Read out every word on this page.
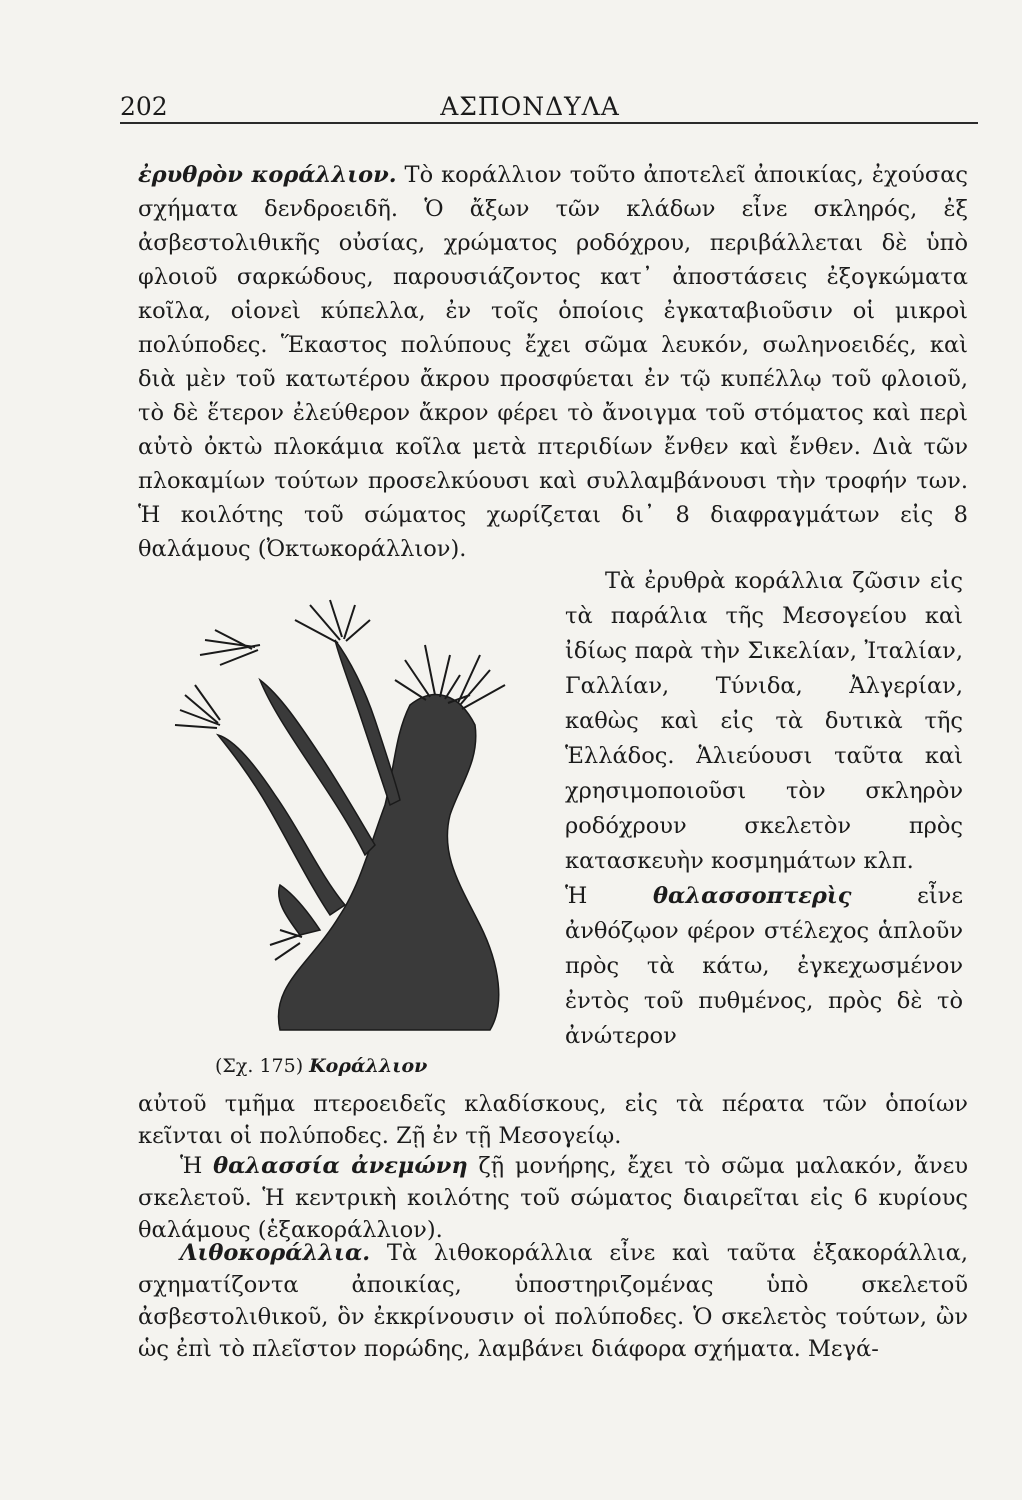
202	ΑΣΠΟΝΔΥΛΑ

ἐρυθρὸν κοράλλιον. Τὸ κοράλλιον τοῦτο ἀποτελεῖ ἀποικίας, ἐχούσας σχήματα δενδροειδῆ. Ὁ ἄξων τῶν κλάδων εἶνε σκληρός, ἐξ ἀσβεστολιθικῆς οὐσίας, χρώματος ροδόχρου, περιβάλλεται δὲ ὑπὸ φλοιοῦ σαρκώδους, παρουσιάζοντος κατ᾽ ἀποστάσεις ἐξογκώματα κοῖλα, οἱονεὶ κύπελλα, ἐν τοῖς ὁποίοις ἐγκαταβιοῦσιν οἱ μικροὶ πολύποδες. Ἕκαστος πολύπους ἔχει σῶμα λευκόν, σωληνοειδές, καὶ διὰ μὲν τοῦ κατωτέρου ἄκρου προσφύεται ἐν τῷ κυπέλλῳ τοῦ φλοιοῦ, τὸ δὲ ἕτερον ἐλεύθερον ἄκρον φέρει τὸ ἄνοιγμα τοῦ στόματος καὶ περὶ αὐτὸ ὀκτὼ πλοκάμια κοῖλα μετὰ πτεριδίων ἔνθεν καὶ ἔνθεν. Διὰ τῶν πλοκαμίων τούτων προσελκύουσι καὶ συλλαμβάνουσι τὴν τροφήν των. Ἡ κοιλότης τοῦ σώματος χωρίζεται δι᾽ 8 διαφραγμάτων εἰς 8 θαλάμους (Ὀκτωκοράλλιον).

Τὰ ἐρυθρὰ κοράλλια ζῶσιν εἰς τὰ παράλια τῆς Μεσογείου καὶ ἰδίως παρὰ τὴν Σικελίαν, Ἰταλίαν, Γαλλίαν, Τύνιδα, Ἀλγερίαν, καθὼς καὶ εἰς τὰ δυτικὰ τῆς Ἑλλάδος. Ἁλιεύουσι ταῦτα καὶ χρησιμοποιοῦσι τὸν σκληρὸν ροδόχρουν σκελετὸν πρὸς κατασκευὴν κοσμημάτων κλπ.
Ἡ θαλασσοπτερὶς εἶνε ἀνθόζῳον φέρον στέλεχος ἁπλοῦν πρὸς τὰ κάτω, ἐγκεχωσμένον ἐντὸς τοῦ πυθμένος, πρὸς δὲ τὸ ἀνώτερον

(Σχ. 175) Κοράλλιον

αὐτοῦ τμῆμα πτεροειδεῖς κλαδίσκους, εἰς τὰ πέρατα τῶν ὁποίων κεῖνται οἱ πολύποδες. Ζῇ ἐν τῇ Μεσογείῳ.

Ἡ θαλασσία ἀνεμώνη ζῇ μονήρης, ἔχει τὸ σῶμα μαλακόν, ἄνευ σκελετοῦ. Ἡ κεντρικὴ κοιλότης τοῦ σώματος διαιρεῖται εἰς 6 κυρίους θαλάμους (ἑξακοράλλιον).

Λιθοκοράλλια. Τὰ λιθοκοράλλια εἶνε καὶ ταῦτα ἑξακοράλλια, σχηματίζοντα ἀποικίας, ὑποστηριζομένας ὑπὸ σκελετοῦ ἀσβεστολιθικοῦ, ὃν ἐκκρίνουσιν οἱ πολύποδες. Ὁ σκελετὸς τούτων, ὢν ὡς ἐπὶ τὸ πλεῖστον πορώδης, λαμβάνει διάφορα σχήματα. Μεγά-
